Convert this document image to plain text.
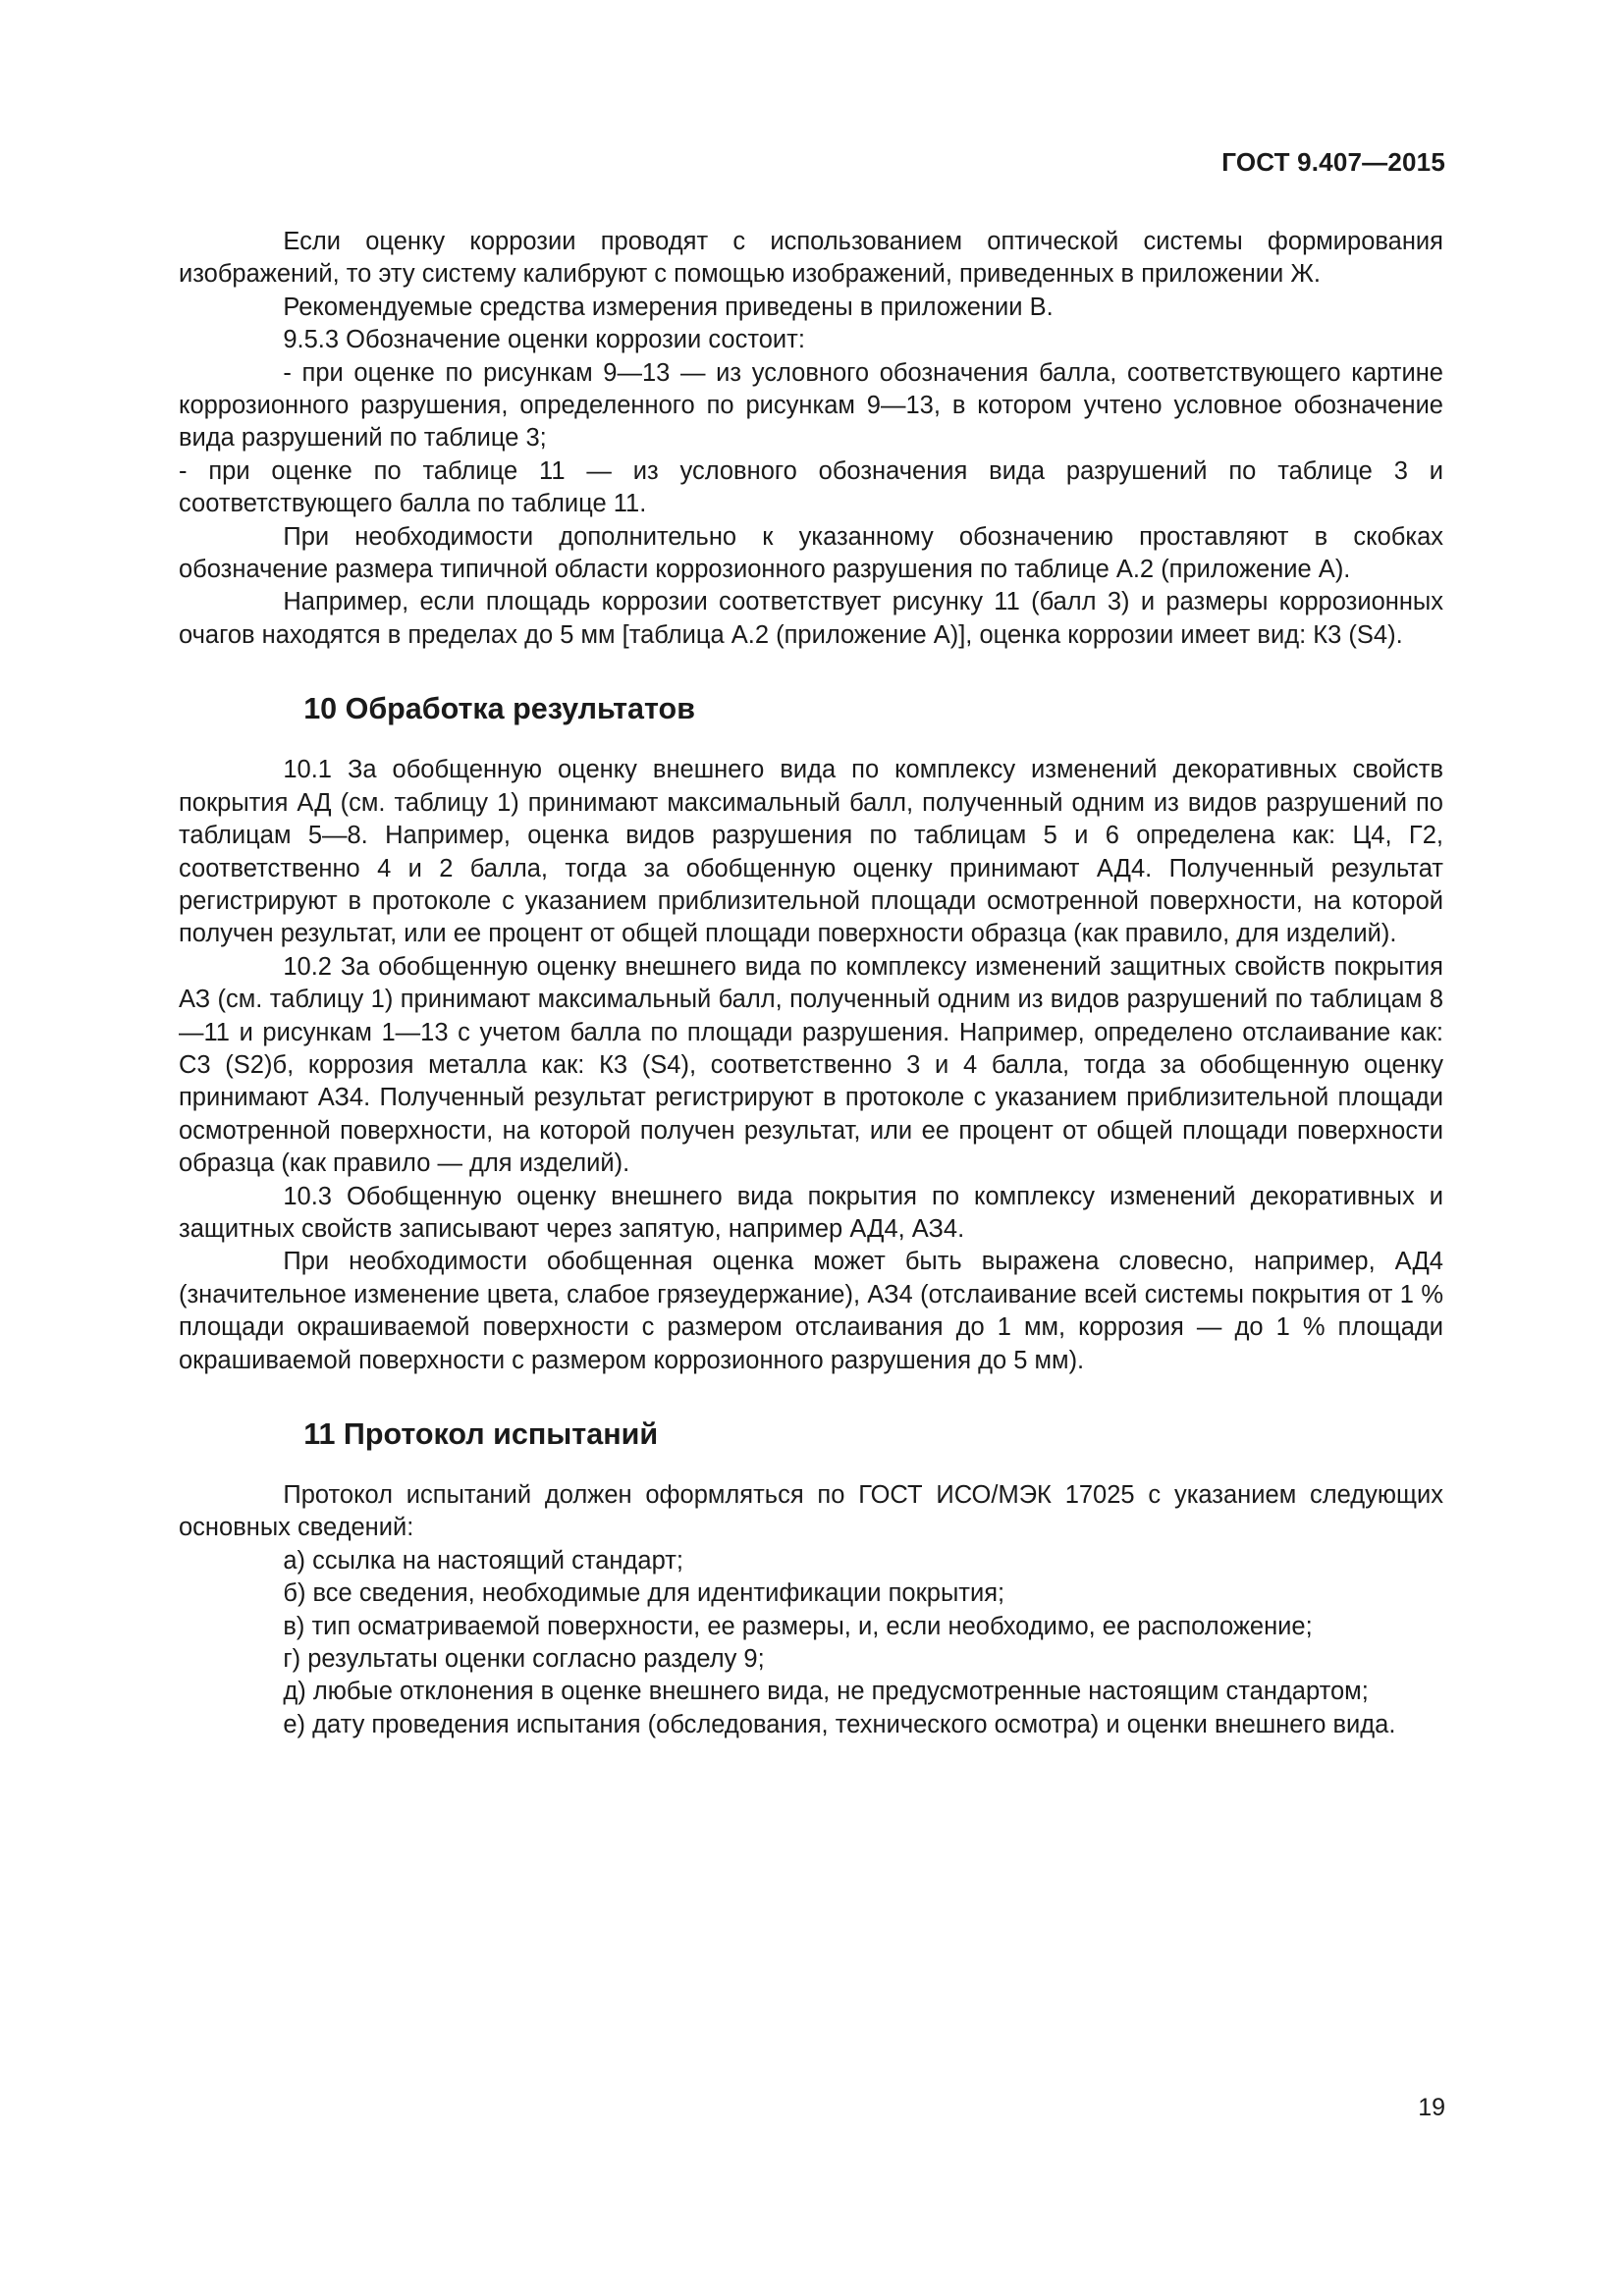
ГОСТ 9.407—2015

Если оценку коррозии проводят с использованием оптической системы формирования изображений, то эту систему калибруют с помощью изображений, приведенных в приложении Ж.

Рекомендуемые средства измерения приведены в приложении В.

9.5.3 Обозначение оценки коррозии состоит:

- при оценке по рисункам 9—13 — из условного обозначения балла, соответствующего картине коррозионного разрушения, определенного по рисункам 9—13, в котором учтено условное обозначение вида разрушений по таблице 3;

- при оценке по таблице 11 — из условного обозначения вида разрушений по таблице 3 и соответствующего балла по таблице 11.

При необходимости дополнительно к указанному обозначению проставляют в скобках обозначение размера типичной области коррозионного разрушения по таблице А.2 (приложение А).

Например, если площадь коррозии соответствует рисунку 11 (балл 3) и размеры коррозионных очагов находятся в пределах до 5 мм [таблица А.2 (приложение А)], оценка коррозии имеет вид: К3 (S4).

10 Обработка результатов

10.1 За обобщенную оценку внешнего вида по комплексу изменений декоративных свойств покрытия АД (см. таблицу 1) принимают максимальный балл, полученный одним из видов разрушений по таблицам 5—8. Например, оценка видов разрушения по таблицам 5 и 6 определена как: Ц4, Г2, соответственно 4 и 2 балла, тогда за обобщенную оценку принимают АД4. Полученный результат регистрируют в протоколе с указанием приблизительной площади осмотренной поверхности, на которой получен результат, или ее процент от общей площади поверхности образца (как правило, для изделий).

10.2 За обобщенную оценку внешнего вида по комплексу изменений защитных свойств покрытия АЗ (см. таблицу 1) принимают максимальный балл, полученный одним из видов разрушений по таблицам 8—11 и рисункам 1—13 с учетом балла по площади разрушения. Например, определено отслаивание как: С3 (S2)б, коррозия металла как: К3 (S4), соответственно 3 и 4 балла, тогда за обобщенную оценку принимают АЗ4. Полученный результат регистрируют в протоколе с указанием приблизительной площади осмотренной поверхности, на которой получен результат, или ее процент от общей площади поверхности образца (как правило — для изделий).

10.3 Обобщенную оценку внешнего вида покрытия по комплексу изменений декоративных и защитных свойств записывают через запятую, например АД4, АЗ4.

При необходимости обобщенная оценка может быть выражена словесно, например, АД4 (значительное изменение цвета, слабое грязеудержание), АЗ4 (отслаивание всей системы покрытия от 1 % площади окрашиваемой поверхности с размером отслаивания до 1 мм, коррозия — до 1 % площади окрашиваемой поверхности с размером коррозионного разрушения до 5 мм).

11 Протокол испытаний

Протокол испытаний должен оформляться по ГОСТ ИСО/МЭК 17025 с указанием следующих основных сведений:

а) ссылка на настоящий стандарт;
б) все сведения, необходимые для идентификации покрытия;
в) тип осматриваемой поверхности, ее размеры, и, если необходимо, ее расположение;
г) результаты оценки согласно разделу 9;
д) любые отклонения в оценке внешнего вида, не предусмотренные настоящим стандартом;
е) дату проведения испытания (обследования, технического осмотра) и оценки внешнего вида.
19
